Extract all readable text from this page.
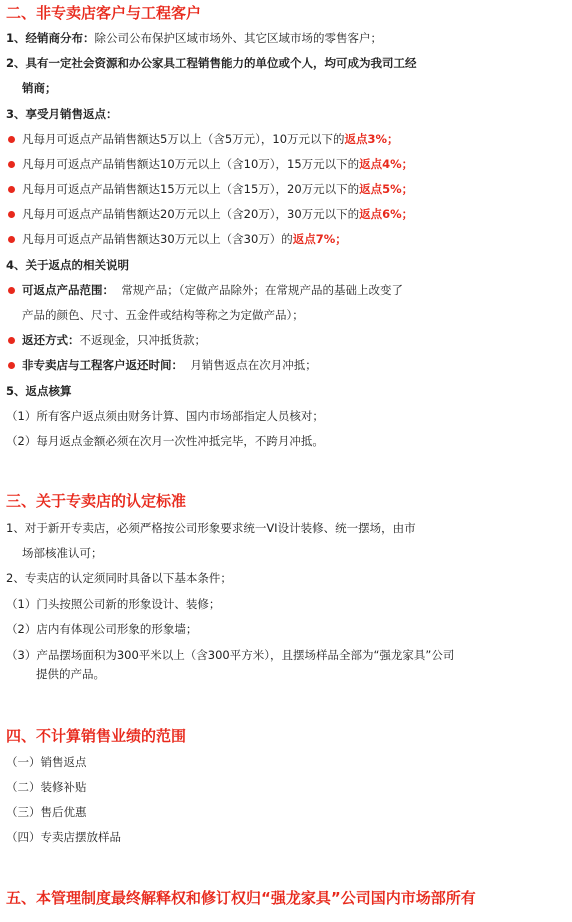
二、非专卖店客户与工程客户
1、经销商分布：除公司公布保护区域市场外、其它区域市场的零售客户；
2、具有一定社会资源和办公家具工程销售能力的单位或个人，均可成为我司工经
销商；
3、享受月销售返点：
凡每月可返点产品销售额达5万以上（含5万元），10万元以下的返点3%；
凡每月可返点产品销售额达10万元以上（含10万），15万元以下的返点4%；
凡每月可返点产品销售额达15万元以上（含15万），20万元以下的返点5%；
凡每月可返点产品销售额达20万元以上（含20万），30万元以下的返点6%；
凡每月可返点产品销售额达30万元以上（含30万）的返点7%；
4、关于返点的相关说明
可返点产品范围： 常规产品；（定做产品除外；在常规产品的基础上改变了
产品的颜色、尺寸、五金件或结构等称之为定做产品）；
返还方式：不返现金，只冲抵货款；
非专卖店与工程客户返还时间： 月销售返点在次月冲抵；
5、返点核算
（1）所有客户返点须由财务计算、国内市场部指定人员核对；
（2）每月返点金额必须在次月一次性冲抵完毕，不跨月冲抵。
三、关于专卖店的认定标准
1、对于新开专卖店，必须严格按公司形象要求统一VI设计装修、统一摆场，由市
场部核准认可；
2、专卖店的认定须同时具备以下基本条件；
（1）门头按照公司新的形象设计、装修；
（2）店内有体现公司形象的形象墙；
（3）产品摆场面积为300平米以上（含300平方米），且摆场样品全部为“强龙家具”公司
提供的产品。
四、不计算销售业绩的范围
（一）销售返点
（二）装修补贴
（三）售后优惠
（四）专卖店摆放样品
五、本管理制度最终解释权和修订权归“强龙家具”公司国内市场部所有
